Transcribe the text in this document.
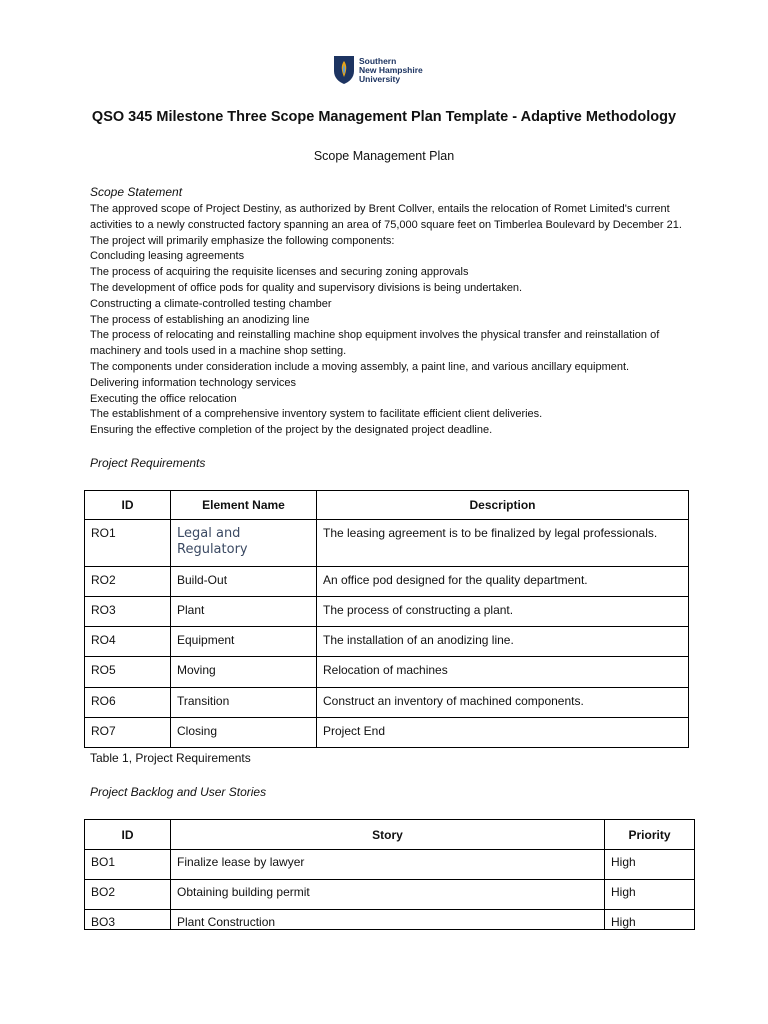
Southern
New Hampshire
University
QSO 345 Milestone Three Scope Management Plan Template - Adaptive Methodology
Scope Management Plan
Scope Statement

The approved scope of Project Destiny, as authorized by Brent Collver, entails the relocation of Romet Limited's current activities to a newly constructed factory spanning an area of 75,000 square feet on Timberlea Boulevard by December 21. The project will primarily emphasize the following components:

Concluding leasing agreements
The process of acquiring the requisite licenses and securing zoning approvals
The development of office pods for quality and supervisory divisions is being undertaken.
Constructing a climate-controlled testing chamber
The process of establishing an anodizing line
The process of relocating and reinstalling machine shop equipment involves the physical transfer and reinstallation of machinery and tools used in a machine shop setting.
The components under consideration include a moving assembly, a paint line, and various ancillary equipment.
Delivering information technology services
Executing the office relocation
The establishment of a comprehensive inventory system to facilitate efficient client deliveries.
Ensuring the effective completion of the project by the designated project deadline.
Project Requirements
ID	Element Name	Description
RO1	Legal and Regulatory	The leasing agreement is to be finalized by legal professionals.
RO2	Build-Out	An office pod designed for the quality department.
RO3	Plant	The process of constructing a plant.
RO4	Equipment	The installation of an anodizing line.
RO5	Moving	Relocation of machines
RO6	Transition	Construct an inventory of machined components.
RO7	Closing	Project End
Table 1, Project Requirements
Project Backlog and User Stories
ID	Story	Priority
BO1	Finalize lease by lawyer	High
BO2	Obtaining building permit	High
BO3	Plant Construction	High
